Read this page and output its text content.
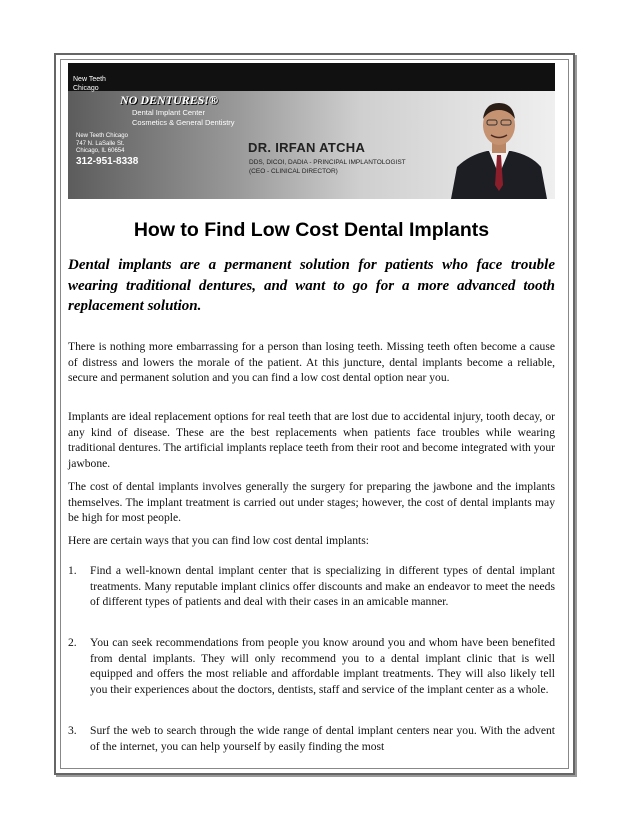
New Teeth Chicago
NO DENTURES!®
Dental Implant Center
Cosmetics & General Dentistry
New Teeth Chicago
747 N. LaSalle St.
Chicago, IL 60654
312-951-8338
DR. IRFAN ATCHA
DDS, DICOI, DADIA - PRINCIPAL IMPLANTOLOGIST
(CEO - CLINICAL DIRECTOR)
How to Find Low Cost Dental Implants

Dental implants are a permanent solution for patients who face trouble wearing traditional dentures, and want to go for a more advanced tooth replacement solution.

There is nothing more embarrassing for a person than losing teeth. Missing teeth often become a cause of distress and lowers the morale of the patient. At this juncture, dental implants become a reliable, secure and permanent solution and you can find a low cost dental option near you.

Implants are ideal replacement options for real teeth that are lost due to accidental injury, tooth decay, or any kind of disease. These are the best replacements when patients face troubles while wearing traditional dentures. The artificial implants replace teeth from their root and become integrated with your jawbone.

The cost of dental implants involves generally the surgery for preparing the jawbone and the implants themselves. The implant treatment is carried out under stages; however, the cost of dental implants may be high for most people.

Here are certain ways that you can find low cost dental implants:

1. Find a well-known dental implant center that is specializing in different types of dental implant treatments. Many reputable implant clinics offer discounts and make an endeavor to meet the needs of different types of patients and deal with their cases in an amicable manner.
2. You can seek recommendations from people you know around you and whom have been benefited from dental implants. They will only recommend you to a dental implant clinic that is well equipped and offers the most reliable and affordable implant treatments. They will also likely tell you their experiences about the doctors, dentists, staff and service of the implant center as a whole.
3. Surf the web to search through the wide range of dental implant centers near you. With the advent of the internet, you can help yourself by easily finding the most
